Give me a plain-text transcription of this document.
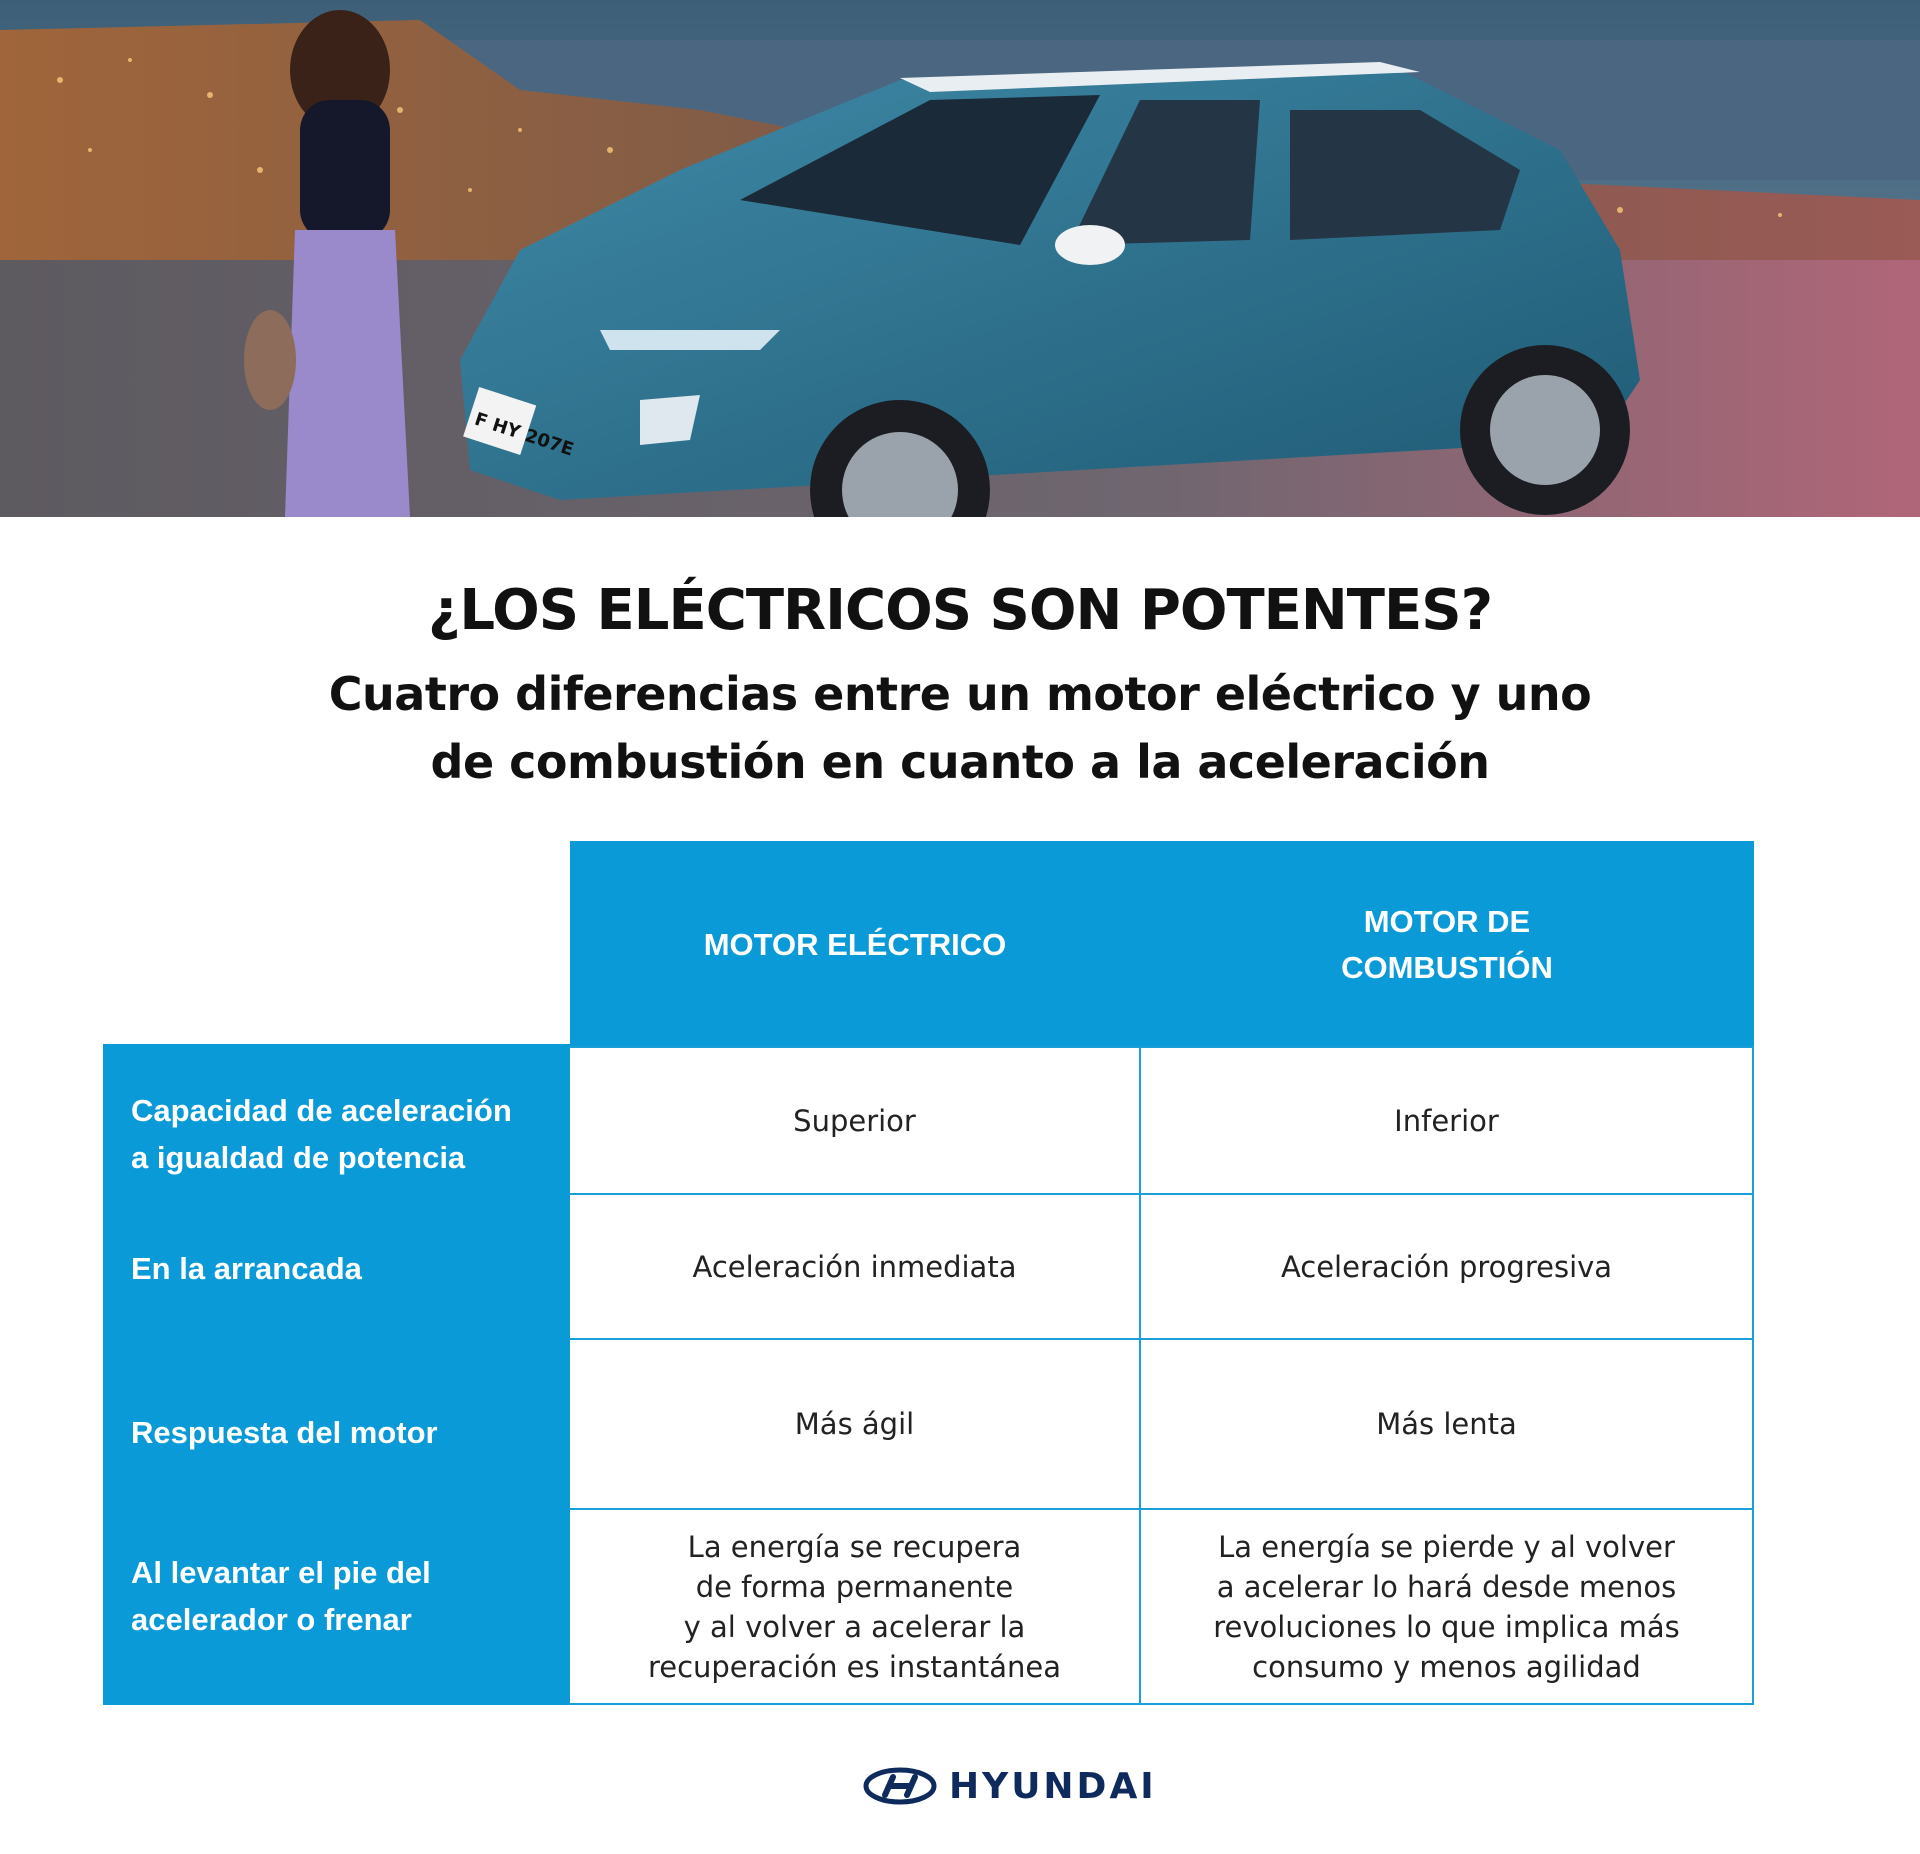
F HY 207E
¿LOS ELÉCTRICOS SON POTENTES?
Cuatro diferencias entre un motor eléctrico y uno
de combustión en cuanto a la aceleración
MOTOR ELÉCTRICO
MOTOR DE
COMBUSTIÓN
Capacidad de aceleración
a igualdad de potencia
En la arrancada
Respuesta del motor
Al levantar el pie del
acelerador o frenar
Superior
Aceleración inmediata
Más ágil
La energía se recupera
de forma permanente
y al volver a acelerar la
recuperación es instantánea
Inferior
Aceleración progresiva
Más lenta
La energía se pierde y al volver
a acelerar lo hará desde menos
revoluciones lo que implica más
consumo y menos agilidad
HYUNDAI
